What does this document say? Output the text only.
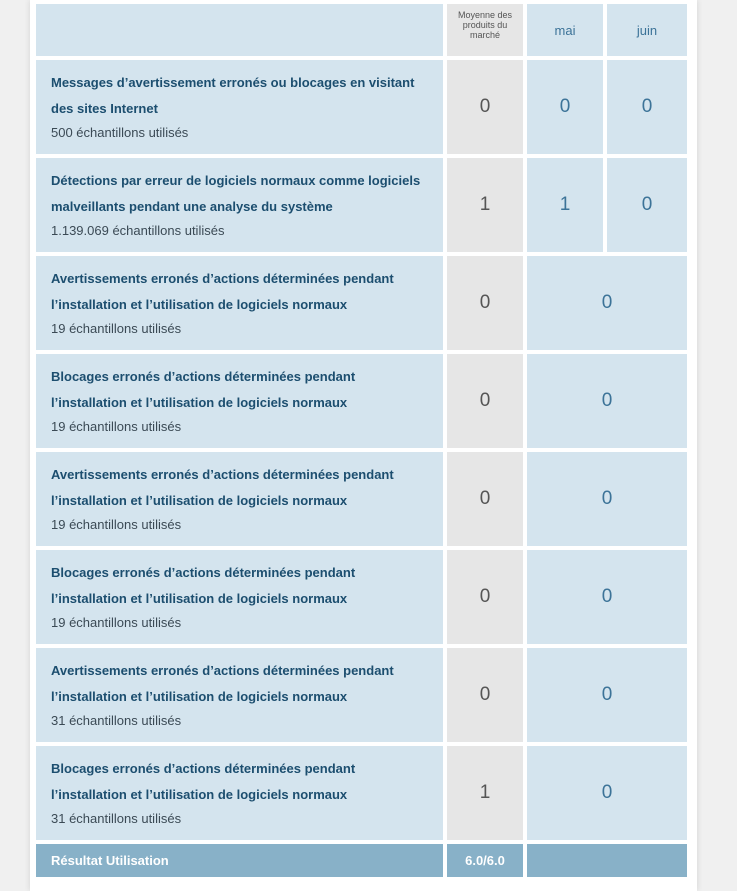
	Moyenne des produits du marché	mai	juin

Messages d’avertissement erronés ou blocages en visitant des sites Internet
500 échantillons utilisés	0	0	0

Détections par erreur de logiciels normaux comme logiciels malveillants pendant une analyse du système
1.139.069 échantillons utilisés	1	1	0

Avertissements erronés d’actions déterminées pendant l’installation et l’utilisation de logiciels normaux
19 échantillons utilisés	0	0	

Blocages erronés d’actions déterminées pendant l’installation et l’utilisation de logiciels normaux
19 échantillons utilisés	0	0	

Avertissements erronés d’actions déterminées pendant l’installation et l’utilisation de logiciels normaux
19 échantillons utilisés	0	0	

Blocages erronés d’actions déterminées pendant l’installation et l’utilisation de logiciels normaux
19 échantillons utilisés	0	0	

Avertissements erronés d’actions déterminées pendant l’installation et l’utilisation de logiciels normaux
31 échantillons utilisés	0	0	

Blocages erronés d’actions déterminées pendant l’installation et l’utilisation de logiciels normaux
31 échantillons utilisés	1	0	
Résultat Utilisation	6.0/6.0		
